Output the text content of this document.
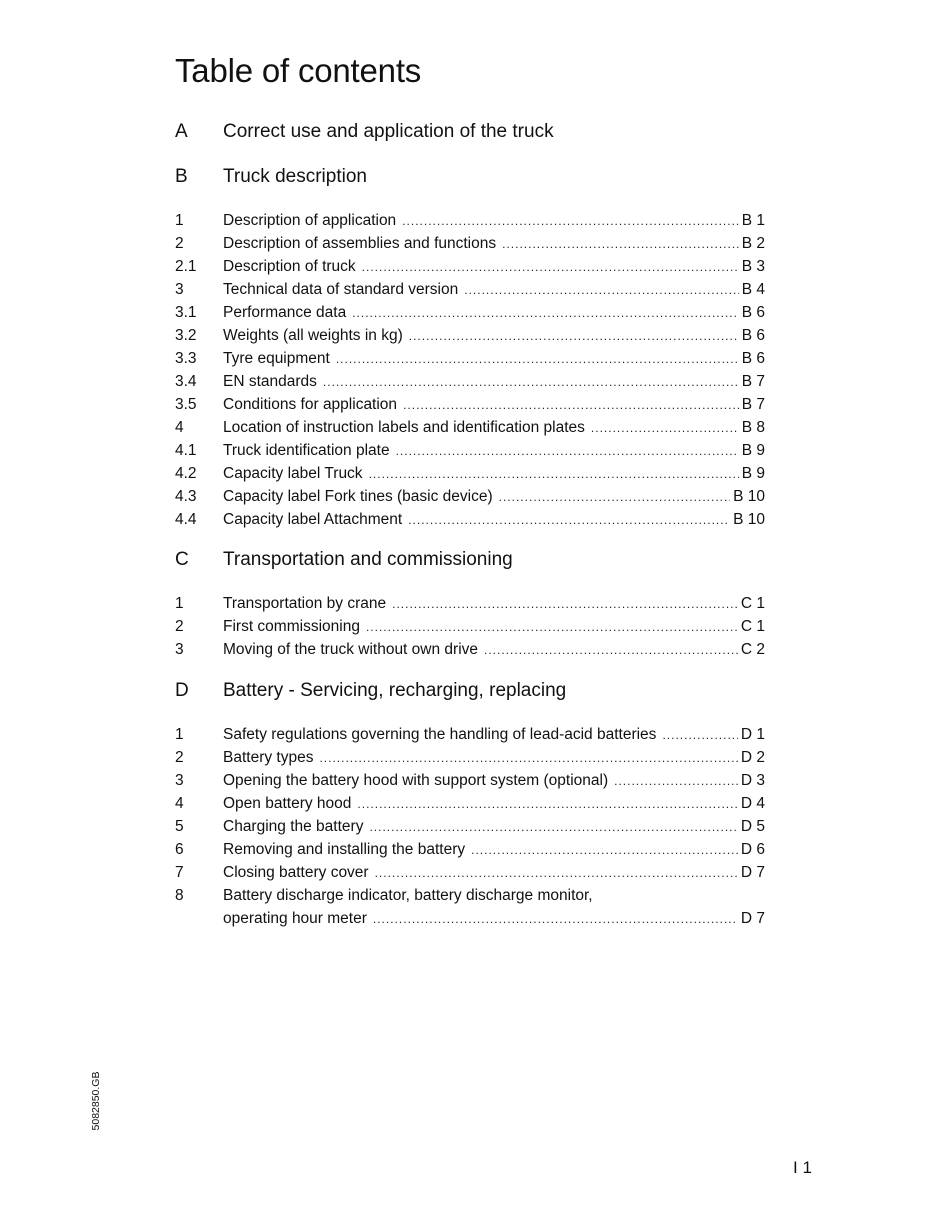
Table of contents
A Correct use and application of the truck
B Truck description
1	Description of application .....	B 1
2	Description of assemblies and functions .....	B 2
2.1 Description of truck .....	B 3
3	Technical data of standard version .....	B 4
3.1 Performance data .....	B 6
3.2 Weights (all weights in kg) .....	B 6
3.3 Tyre equipment .....	B 6
3.4 EN standards .....	B 7
3.5 Conditions for application .....	B 7
4	Location of instruction labels and identification plates .....	B 8
4.1 Truck identification plate .....	B 9
4.2 Capacity label Truck .....	B 9
4.3 Capacity label Fork tines (basic device) .....	B 10
4.4 Capacity label Attachment .....	B 10
C Transportation and commissioning
1	Transportation by crane .....	C 1
2	First commissioning .....	C 1
3	Moving of the truck without own drive .....	C 2
D Battery - Servicing, recharging, replacing
1	Safety regulations governing the handling of lead-acid batteries .....	D 1
2	Battery types .....	D 2
3	Opening the battery hood with support system (optional) .....	D 3
4	Open battery hood .....	D 4
5	Charging the battery .....	D 5
6	Removing and installing the battery .....	D 6
7	Closing battery cover .....	D 7
8	Battery discharge indicator, battery discharge monitor,
operating hour meter .....	D 7
5082850.GB
I 1
